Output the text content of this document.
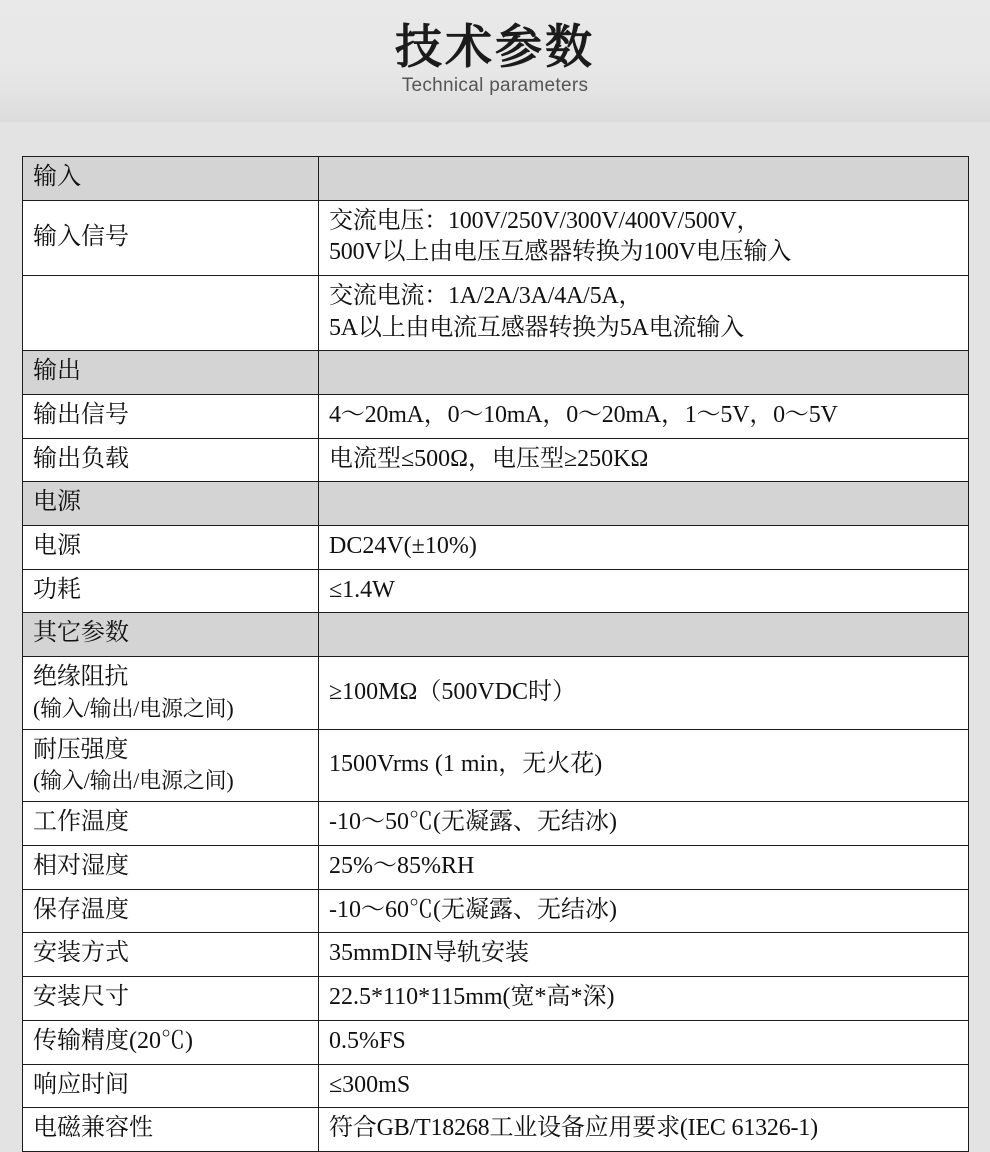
技术参数
Technical parameters
输入	
输入信号	交流电压：100V/250V/300V/400V/500V，
500V以上由电压互感器转换为100V电压输入

	交流电流：1A/2A/3A/4A/5A，
5A以上由电流互感器转换为5A电流输入

输出	
输出信号	4～20mA，0～10mA，0～20mA，1～5V，0～5V
输出负载	电流型≤500Ω，电压型≥250KΩ
电源	
电源	DC24V(±10%)
功耗	≤1.4W
其它参数	

绝缘阻抗
(输入/输出/电源之间)	≥100MΩ（500VDC时）

耐压强度
(输入/输出/电源之间)	1500Vrms (1 min，无火花)
工作温度	-10～50℃(无凝露、无结冰)
相对湿度	25%～85%RH
保存温度	-10～60℃(无凝露、无结冰)
安装方式	35mmDIN导轨安装
安装尺寸	22.5*110*115mm(宽*高*深)
传输精度(20℃)	0.5%FS
响应时间	≤300mS
电磁兼容性	符合GB/T18268工业设备应用要求(IEC 61326-1)
